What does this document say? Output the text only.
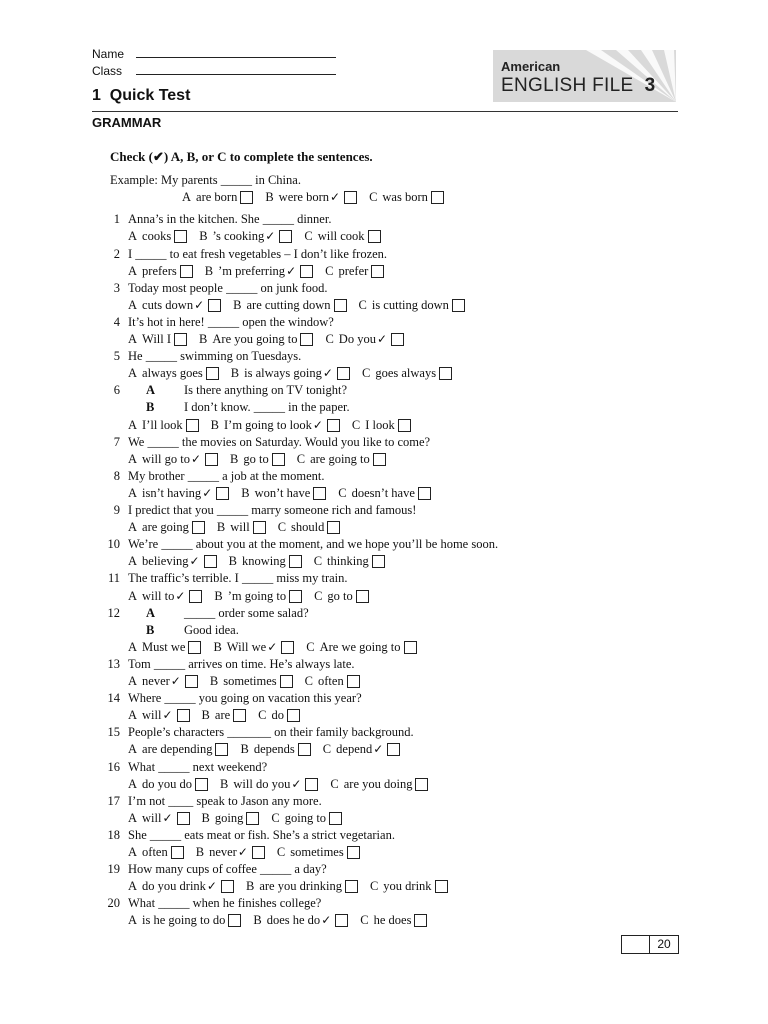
Name
Class	American
ENGLISH FILE 3
1  Quick Test
GRAMMAR
Check (✔) A, B, or C to complete the sentences.
Example: My parents _____ in China.
A are born B were born ✓ C was born
1 Anna’s in the kitchen. She _____ dinner.
A cooks B ’s cooking ✓ C will cook
2 I _____ to eat fresh vegetables – I don’t like frozen.
A prefers B ’m preferring ✓ C prefer
3 Today most people _____ on junk food.
A cuts down ✓ B are cutting down C is cutting down
4 It’s hot in here! _____ open the window?
A Will I B Are you going to C Do you ✓
5 He _____ swimming on Tuesdays.
A always goes B is always going ✓ C goes always
6 A Is there anything on TV tonight?
B I don’t know. _____ in the paper.
A I’ll look B I’m going to look ✓ C I look
7 We _____ the movies on Saturday. Would you like to come?
A will go to ✓ B go to C are going to
8 My brother _____ a job at the moment.
A isn’t having ✓ B won’t have C doesn’t have
9 I predict that you _____ marry someone rich and famous!
A are going B will C should
10 We’re _____ about you at the moment, and we hope you’ll be home soon.
A believing ✓ B knowing C thinking
11 The traffic’s terrible. I _____ miss my train.
A will to ✓ B ’m going to C go to
12 A _____ order some salad?
B Good idea.
A Must we B Will we ✓ C Are we going to
13 Tom _____ arrives on time. He’s always late.
A never ✓ B sometimes C often
14 Where _____ you going on vacation this year?
A will ✓ B are C do
15 People’s characters _______ on their family background.
A are depending B depends C depend ✓
16 What _____ next weekend?
A do you do B will do you ✓ C are you doing
17 I’m not ____ speak to Jason any more.
A will ✓ B going C going to
18 She _____ eats meat or fish. She’s a strict vegetarian.
A often B never ✓ C sometimes
19 How many cups of coffee _____ a day?
A do you drink ✓ B are you drinking C you drink
20 What _____ when he finishes college?
A is he going to do B does he do ✓ C he does
20
